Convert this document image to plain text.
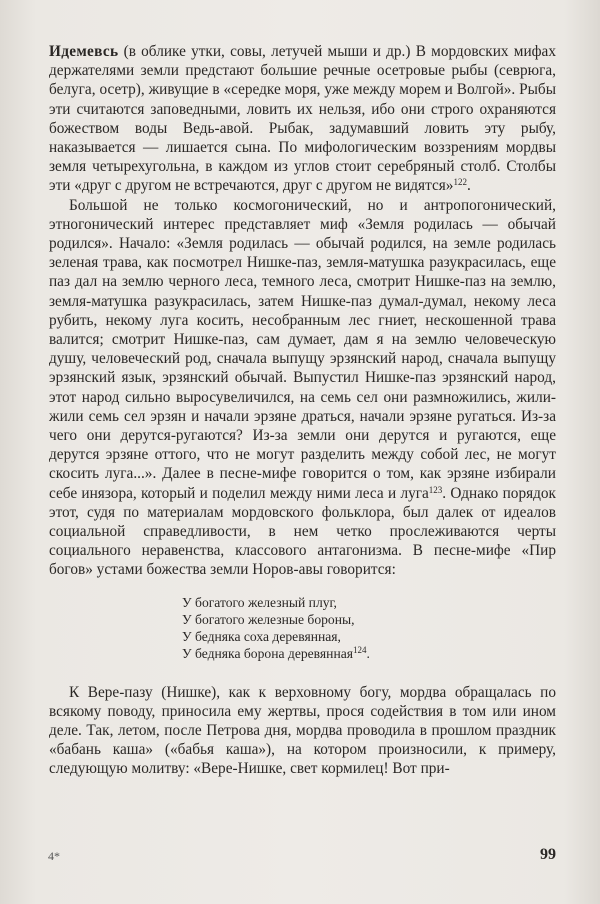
Идемевсь (в облике утки, совы, летучей мыши и др.) В мордовских мифах держателями земли предстают большие речные осетровые рыбы (севрюга, белуга, осетр), живущие в «середке моря, уже между морем и Волгой». Рыбы эти считаются заповедными, ловить их нельзя, ибо они строго охраняются божеством воды Ведь-авой. Рыбак, задумавший ловить эту рыбу, наказывается — лишается сына. По мифологическим воззрениям мордвы земля четырехугольна, в каждом из углов стоит серебряный столб. Столбы эти «друг с другом не встречаются, друг с другом не видятся»$^{122}$.

Большой не только космогонический, но и антропогонический, этногонический интерес представляет миф «Земля родилась — обычай родился». Начало: «Земля родилась — обычай родился, на земле родилась зеленая трава, как посмотрел Нишке-паз, земля-матушка разукрасилась, еще паз дал на землю черного леса, темного леса, смотрит Нишке-паз на землю, земля-матушка разукрасилась, затем Нишке-паз думал-думал, некому леса рубить, некому луга косить, несобранным лес гниет, нескошенной трава валится; смотрит Нишке-паз, сам думает, дам я на землю человеческую душу, человеческий род, сначала выпущу эрзянский народ, сначала выпущу эрзянский язык, эрзянский обычай. Выпустил Нишке-паз эрзянский народ, этот народ сильно выросувеличился, на семь сел они размножились, жили-жили семь сел эрзян и начали эрзяне драться, начали эрзяне ругаться. Из-за чего они дерутся-ругаются? Из-за земли они дерутся и ругаются, еще дерутся эрзяне оттого, что не могут разделить между собой лес, не могут скосить луга...». Далее в песне-мифе говорится о том, как эрзяне избирали себе инязора, который и поделил между ними леса и луга$^{123}$. Однако порядок этот, судя по материалам мордовского фольклора, был далек от идеалов социальной справедливости, в нем четко прослеживаются черты социального неравенства, классового антагонизма. В песне-мифе «Пир богов» устами божества земли Норов-авы говорится:

У богатого железный плуг,
У богатого железные бороны,
У бедняка соха деревянная,
У бедняка борона деревянная$^{124}$.

К Вере-пазу (Нишке), как к верховному богу, мордва обращалась по всякому поводу, приносила ему жертвы, прося содействия в том или ином деле. Так, летом, после Петрова дня, мордва проводила в прошлом праздник «бабань каша» («бабья каша»), на котором произносили, к примеру, следующую молитву: «Вере-Нишке, свет кормилец! Вот при-

4*	99
